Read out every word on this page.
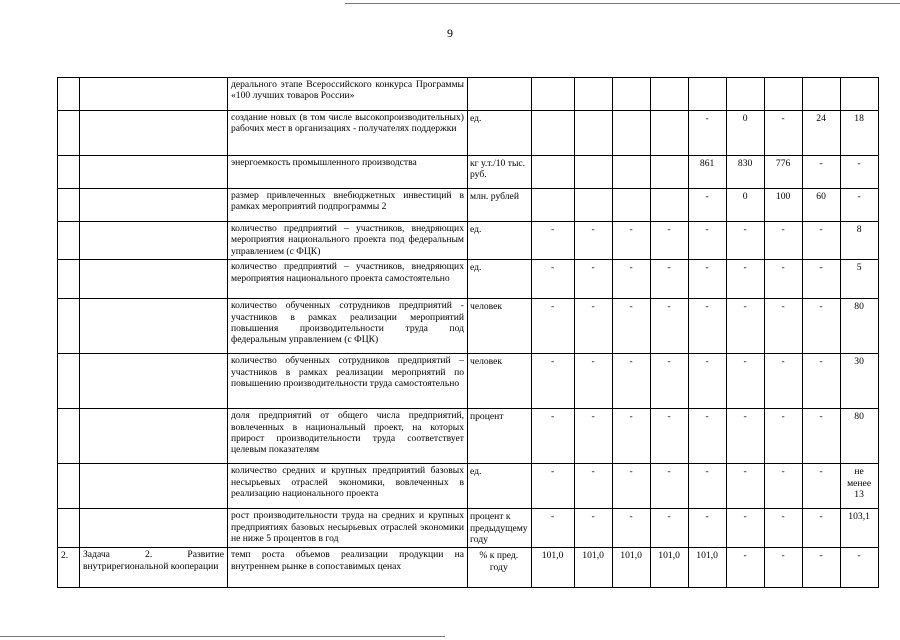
9
		дерального этапе Всероссийского конкурса Программы «100 лучших товаров России»										
		создание новых (в том числе высокопроизводительных) рабочих мест в организациях - получателях поддержки	ед.					-	0	-	24	18
		энергоемкость промышленного производства	кг у.т./10 тыс. руб.					861	830	776	-	-
		размер привлеченных внебюджетных инвестиций в рамках мероприятий подпрограммы 2	млн. рублей					-	0	100	60	-
		количество предприятий – участников, внедряющих мероприятия национального проекта под федеральным управлением (с ФЦК)	ед.	-	-	-	-	-	-	-	-	8
		количество предприятий – участников, внедряющих мероприятия национального проекта самостоятельно	ед.	-	-	-	-	-	-	-	-	5
		количество обученных сотрудников предприятий - участников в рамках реализации мероприятий повышения производительности труда под федеральным управлением (с ФЦК)	человек	-	-	-	-	-	-	-	-	80
		количество обученных сотрудников предприятий – участников в рамках реализации мероприятий по повышению производительности труда самостоятельно	человек	-	-	-	-	-	-	-	-	30
		доля предприятий от общего числа предприятий, вовлеченных в национальный проект, на которых прирост производительности труда соответствует целевым показателям	процент	-	-	-	-	-	-	-	-	80
		количество средних и крупных предприятий базовых несырьевых отраслей экономики, вовлеченных в реализацию национального проекта	ед.	-	-	-	-	-	-	-	-	не менее 13
		рост производительности труда на средних и крупных предприятиях базовых несырьевых отраслей экономики не ниже 5 процентов в год	процент к предыдущему году	-	-	-	-	-	-	-	-	103,1
2.	Задача 2. Развитие внутрирегиональной кооперации	темп роста объемов реализации продукции на внутреннем рынке в сопоставимых ценах	% к пред. году	101,0	101,0	101,0	101,0	101,0	-	-	-	-
